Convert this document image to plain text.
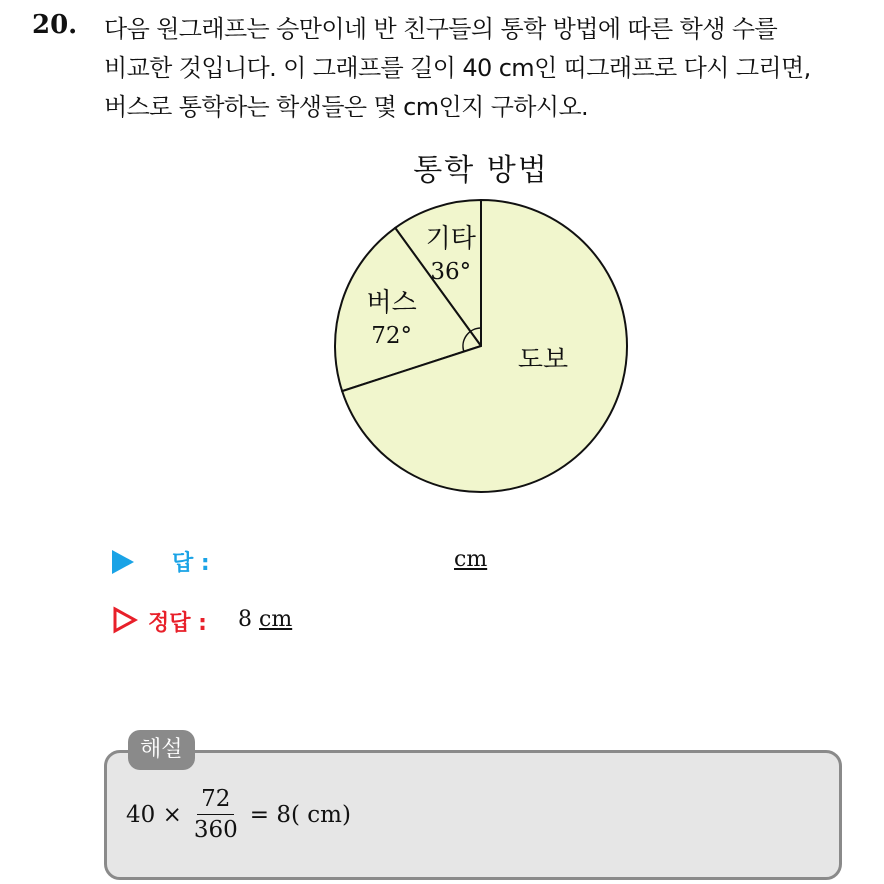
20. 다음 원그래프는 승만이네 반 친구들의 통학 방법에 따른 학생 수를
비교한 것입니다. 이 그래프를 길이 40 cm인 띠그래프로 다시 그리면,
버스로 통학하는 학생들은 몇 cm인지 구하시오.
통학 방법
기타
36°
버스
72°
도보
답 :	cm
정답 : 8 cm
해설
$40 \times \frac{72}{360} = 8$( cm)
